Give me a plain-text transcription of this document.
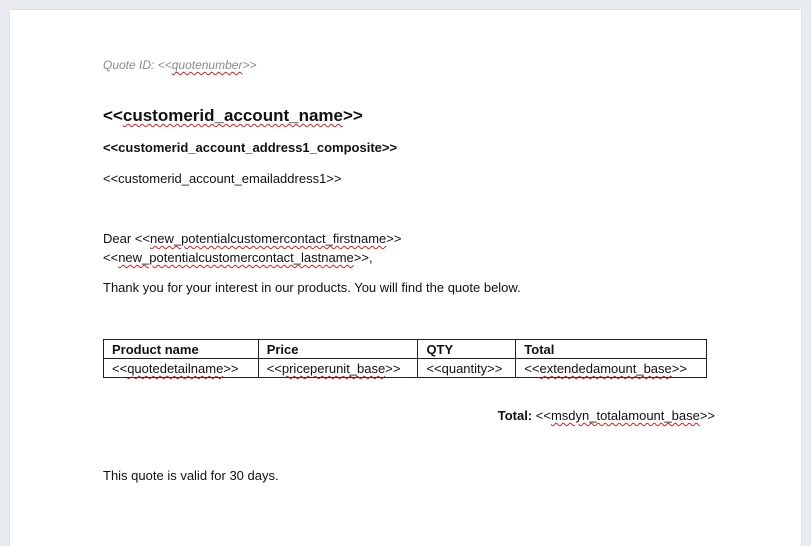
Quote ID: <<quotenumber>>
<<customerid_account_name>>
<<customerid_account_address1_composite>>
<<customerid_account_emailaddress1>>
Dear <<new_potentialcustomercontact_firstname>>
<<new_potentialcustomercontact_lastname>>,
Thank you for your interest in our products. You will find the quote below.
Product name	Price	QTY	Total
<<quotedetailname>>	<<priceperunit_base>>	<<quantity>>	<<extendedamount_base>>
Total: <<msdyn_totalamount_base>>
This quote is valid for 30 days.
